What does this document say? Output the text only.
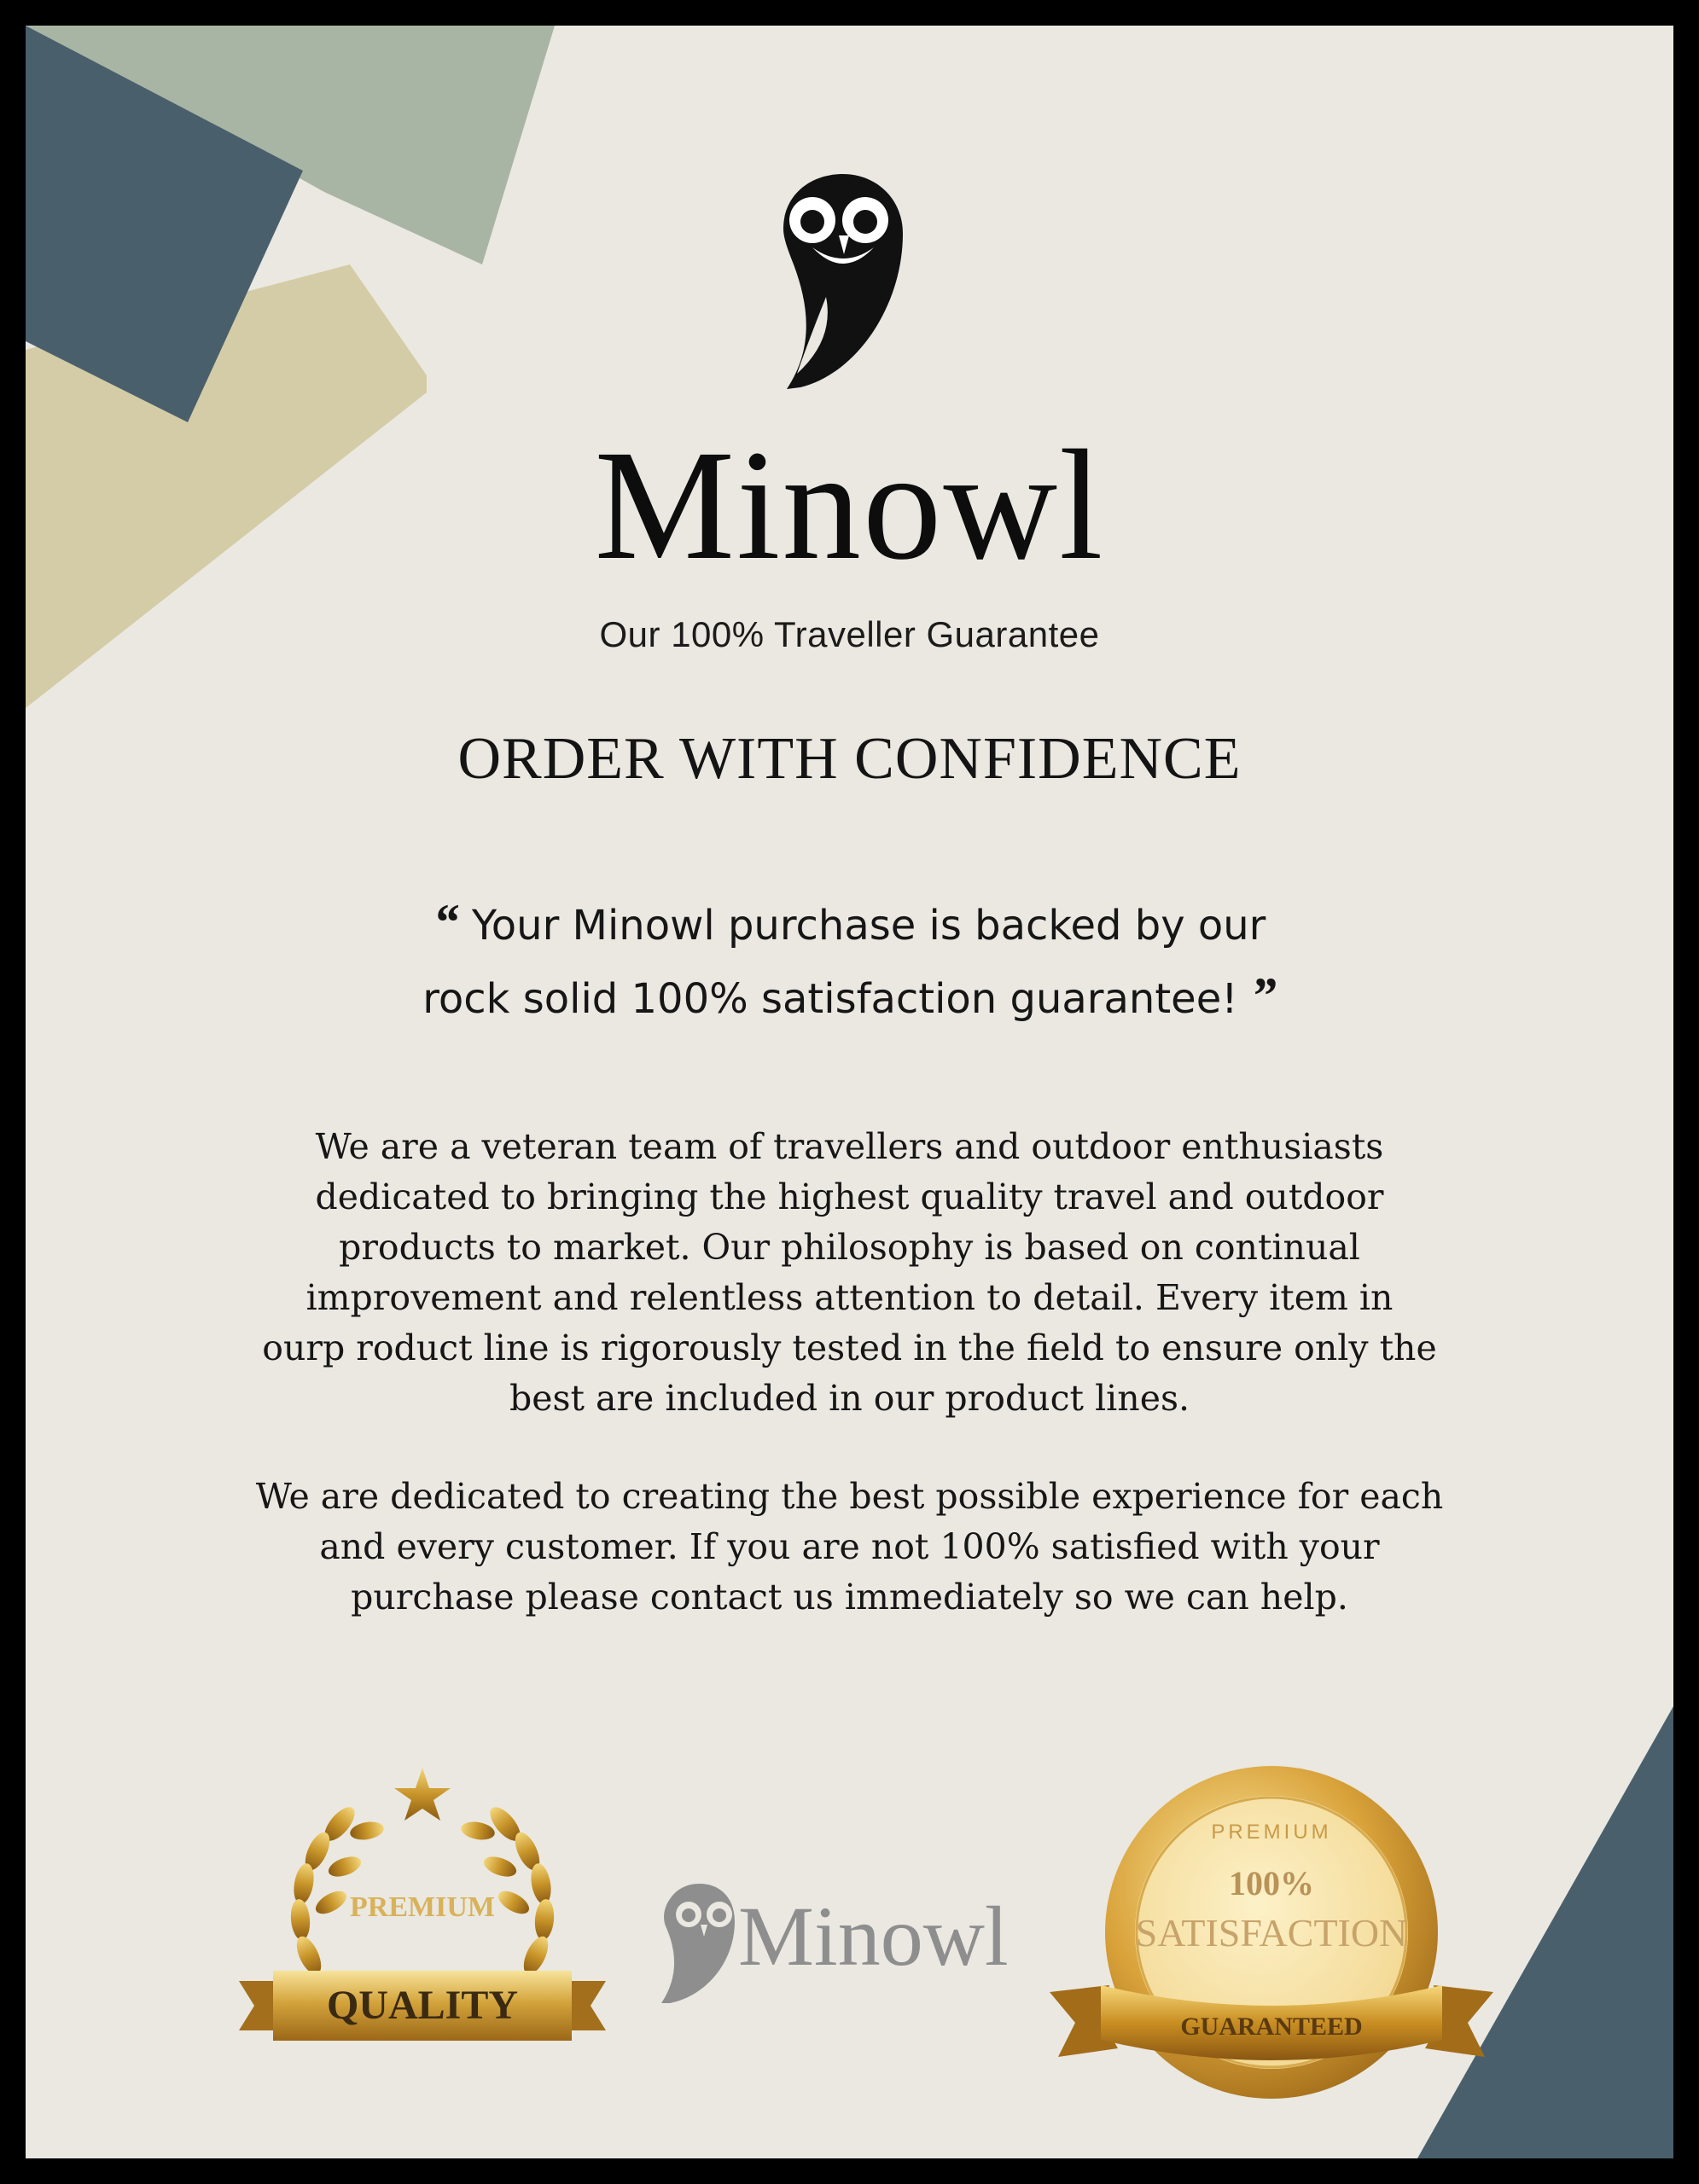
Minowl
Our 100% Traveller Guarantee
ORDER WITH CONFIDENCE
“ Your Minowl purchase is backed by our
rock solid 100% satisfaction guarantee! ”
We are a veteran team of travellers and outdoor enthusiasts
dedicated to bringing the highest quality travel and outdoor
products to market. Our philosophy is based on continual
improvement and relentless attention to detail. Every item in
ourp roduct line is rigorously tested in the field to ensure only the
best are included in our product lines.
We are dedicated to creating the best possible experience for each
and every customer. If you are not 100% satisfied with your
purchase please contact us immediately so we can help.
PREMIUM
QUALITY
Minowl
PREMIUM
100%
SATISFACTION
GUARANTEED
